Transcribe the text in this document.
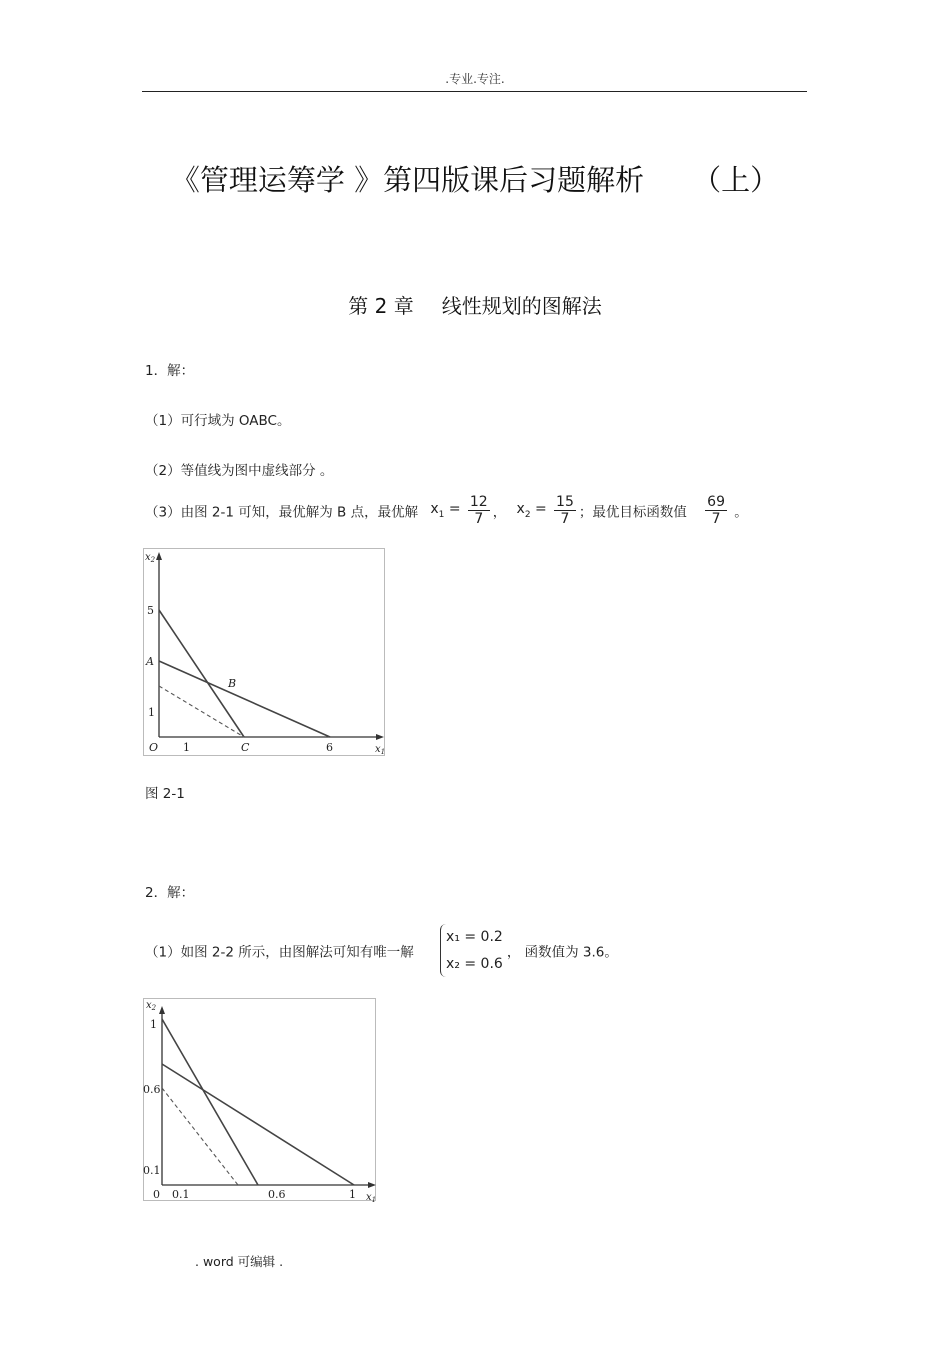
.专业.专注.
《管理运筹学 》第四版课后习题解析 （上）
第 2 章 线性规划的图解法
1．解：
（1）可行域为 OABC。
（2）等值线为图中虚线部分 。
（3）由图 2-1 可知，最优解为 B 点，最优解 $x_1 = \frac{12}{7}$ ， $x_2 = \frac{15}{7}$ ；最优目标函数值 $\frac{69}{7}$ 。
$x_2$
$x_1$
O 1	C	6
5
A
1
B
图 2-1
2．解：
（1）如图 2-2 所示，由图解法可知有唯一解
x₁ = 0.2
x₂ = 0.6
， 函数值为 3.6。
$x_2$
$x_1$
1
0.6
0.1
0 0.1	0.6	1
. word 可编辑 .
